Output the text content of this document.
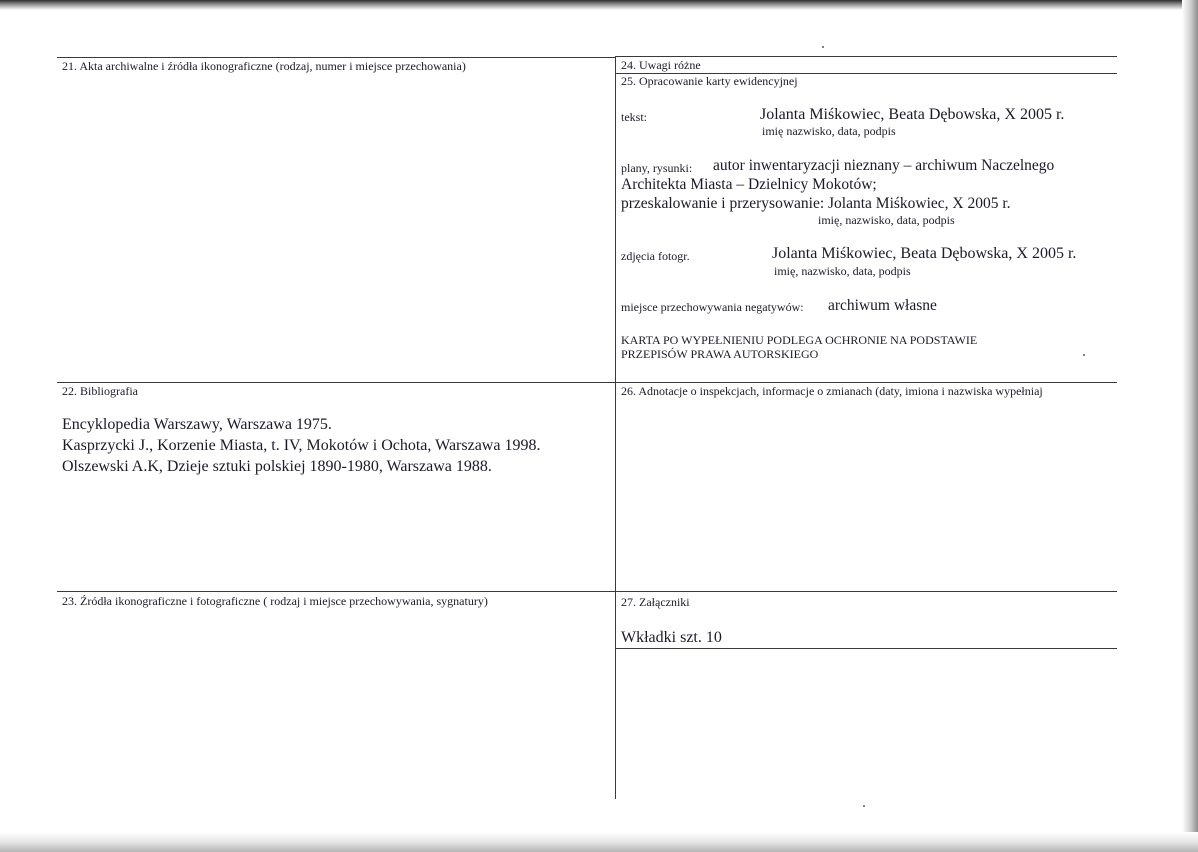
21. Akta archiwalne i źródła ikonograficzne (rodzaj, numer i miejsce przechowania)
22. Bibliografia
Encyklopedia Warszawy, Warszawa 1975.
Kasprzycki J., Korzenie Miasta, t. IV, Mokotów i Ochota, Warszawa 1998.
Olszewski A.K, Dzieje sztuki polskiej 1890-1980, Warszawa 1988.
23. Źródła ikonograficzne i fotograficzne ( rodzaj i miejsce przechowywania, sygnatury)
24. Uwagi różne
25. Opracowanie karty ewidencyjnej
tekst:	Jolanta Miśkowiec, Beata Dębowska, X 2005 r.
imię nazwisko, data, podpis
plany, rysunki: autor inwentaryzacji nieznany – archiwum Naczelnego
Architekta Miasta – Dzielnicy Mokotów;
przeskalowanie i przerysowanie: Jolanta Miśkowiec, X 2005 r.
imię, nazwisko, data, podpis
zdjęcia fotogr.	Jolanta Miśkowiec, Beata Dębowska, X 2005 r.
imię, nazwisko, data, podpis
miejsce przechowywania negatywów: archiwum własne
KARTA PO WYPEŁNIENIU PODLEGA OCHRONIE NA PODSTAWIE
PRZEPISÓW PRAWA AUTORSKIEGO
26. Adnotacje o inspekcjach, informacje o zmianach (daty, imiona i nazwiska wypełniaj
27. Załączniki
Wkładki szt. 10
